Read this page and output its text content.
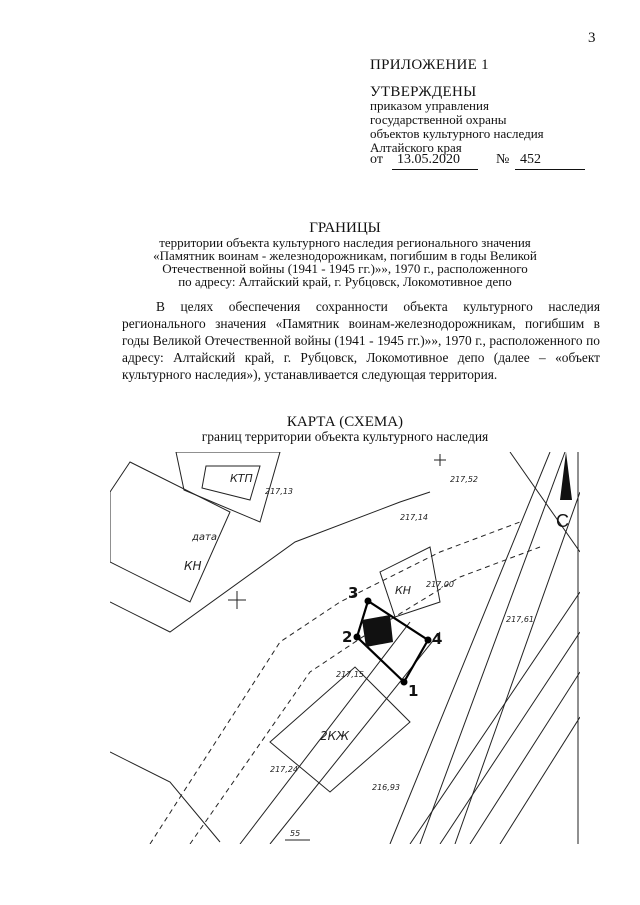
3
ПРИЛОЖЕНИЕ 1
УТВЕРЖДЕНЫ
приказом управления
государственной охраны
объектов культурного наследия
Алтайского края
от 13.05.2020	№ 452
ГРАНИЦЫ
территории объекта культурного наследия регионального значения
«Памятник воинам - железнодорожникам, погибшим в годы Великой
Отечественной войны (1941 - 1945 гг.)»», 1970 г., расположенного
по адресу: Алтайский край, г. Рубцовск, Локомотивное депо
В целях обеспечения сохранности объекта культурного наследия регионального значения «Памятник воинам-железнодорожникам, погибшим в годы Великой Отечественной войны (1941 - 1945 гг.)»», 1970 г., расположенного по адресу: Алтайский край, г. Рубцовск, Локомотивное депо (далее – «объект культурного наследия»), устанавливается следующая территория.
КАРТА (СХЕМА)
границ территории объекта культурного наследия
1
2
3
4
С
КТП
КН
КН
2КЖ
дата
217,52
217,14
217,61
217,00
217,15
216,93
217,24
217,13
55
